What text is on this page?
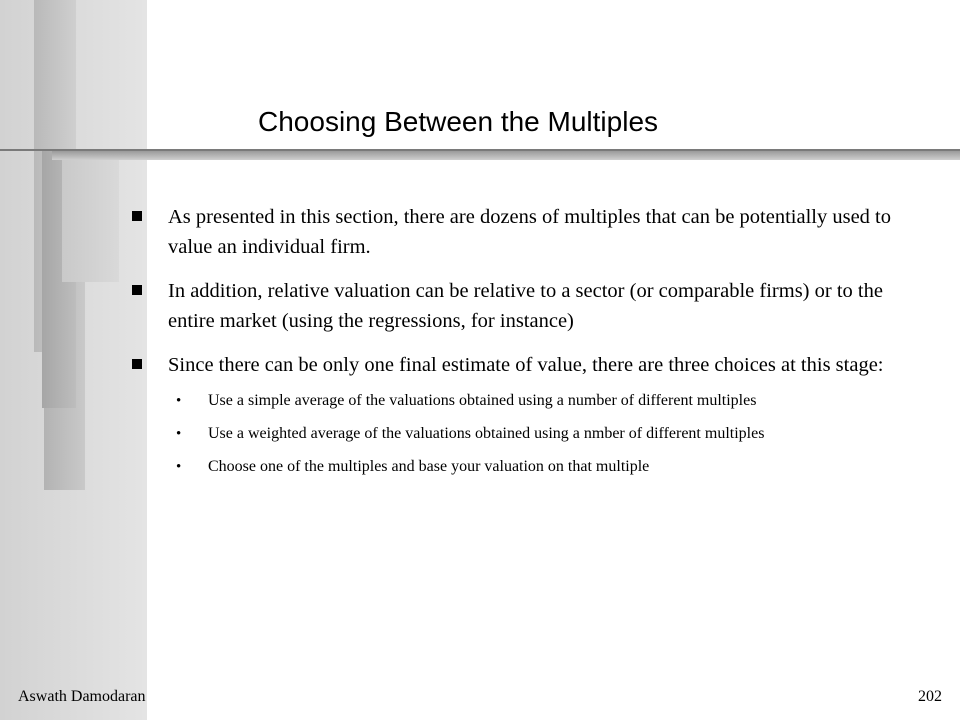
Choosing Between the Multiples
As presented in this section, there are dozens of multiples that can be potentially used to value an individual firm.
In addition, relative valuation can be relative to a sector (or comparable firms) or to the entire market (using the regressions, for instance)
Since there can be only one final estimate of value, there are three choices at this stage:
•	Use a simple average of the valuations obtained using a number of different multiples
•	Use a weighted average of the valuations obtained using a nmber of different multiples
•	Choose one of the multiples and base your valuation on that multiple
Aswath Damodaran	202
